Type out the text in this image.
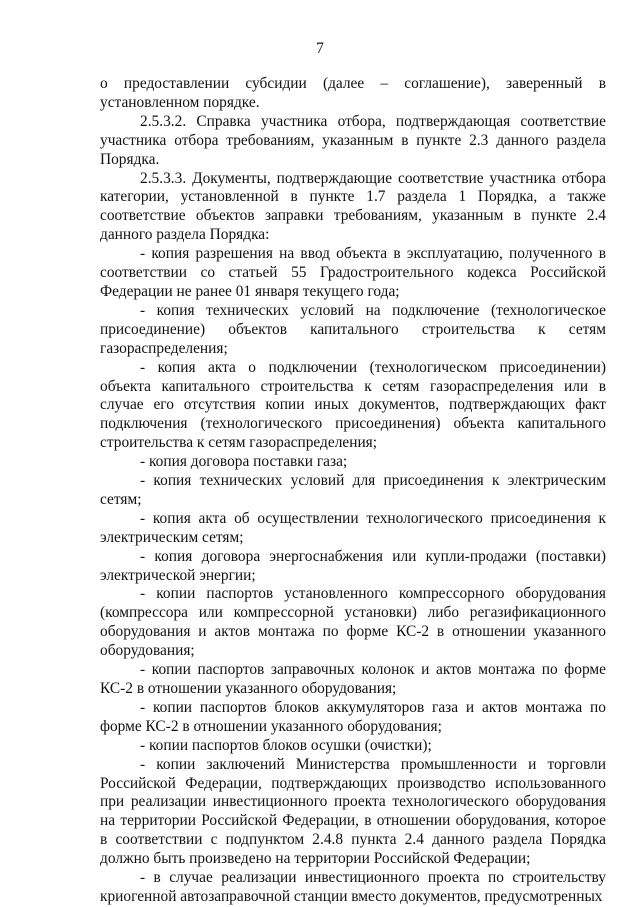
7

о предоставлении субсидии (далее – соглашение), заверенный в установленном порядке.

2.5.3.2. Справка участника отбора, подтверждающая соответствие участника отбора требованиям, указанным в пункте 2.3 данного раздела Порядка.

2.5.3.3. Документы, подтверждающие соответствие участника отбора категории, установленной в пункте 1.7 раздела 1 Порядка, а также соответствие объектов заправки требованиям, указанным в пункте 2.4 данного раздела Порядка:

- копия разрешения на ввод объекта в эксплуатацию, полученного в соответствии со статьей 55 Градостроительного кодекса Российской Федерации не ранее 01 января текущего года;

- копия технических условий на подключение (технологическое присоединение) объектов капитального строительства к сетям газораспределения;

- копия акта о подключении (технологическом присоединении) объекта капитального строительства к сетям газораспределения или в случае его отсутствия копии иных документов, подтверждающих факт подключения (технологического присоединения) объекта капитального строительства к сетям газораспределения;

- копия договора поставки газа;

- копия технических условий для присоединения к электрическим сетям;

- копия акта об осуществлении технологического присоединения к электрическим сетям;

- копия договора энергоснабжения или купли-продажи (поставки) электрической энергии;

- копии паспортов установленного компрессорного оборудования (компрессора или компрессорной установки) либо регазификационного оборудования и актов монтажа по форме КС-2 в отношении указанного оборудования;

- копии паспортов заправочных колонок и актов монтажа по форме КС-2 в отношении указанного оборудования;

- копии паспортов блоков аккумуляторов газа и актов монтажа по форме КС-2 в отношении указанного оборудования;

- копии паспортов блоков осушки (очистки);

- копии заключений Министерства промышленности и торговли Российской Федерации, подтверждающих производство использованного при реализации инвестиционного проекта технологического оборудования на территории Российской Федерации, в отношении оборудования, которое в соответствии с подпунктом 2.4.8 пункта 2.4 данного раздела Порядка должно быть произведено на территории Российской Федерации;

- в случае реализации инвестиционного проекта по строительству криогенной автозаправочной станции вместо документов, предусмотренных
